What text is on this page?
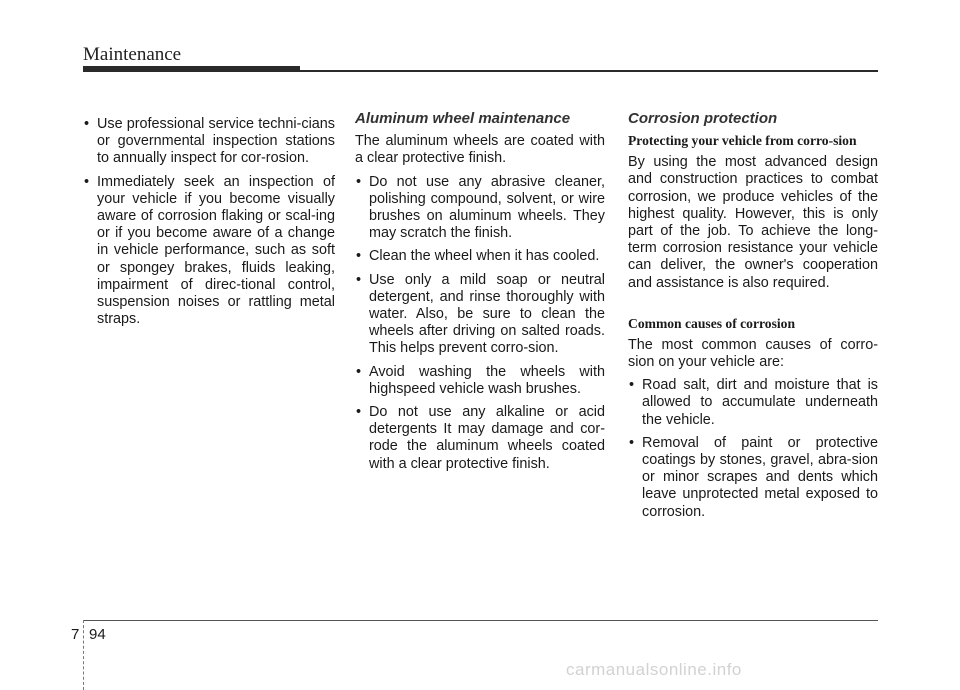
Maintenance
• Use professional service techni-cians or governmental inspection stations to annually inspect for cor-rosion.
• Immediately seek an inspection of your vehicle if you become visually aware of corrosion flaking or scal-ing or if you become aware of a change in vehicle performance, such as soft or spongey brakes, fluids leaking, impairment of direc-tional control, suspension noises or rattling metal straps.
Aluminum wheel maintenance

The aluminum wheels are coated with a clear protective finish.

• Do not use any abrasive cleaner, polishing compound, solvent, or wire brushes on aluminum wheels. They may scratch the finish.
• Clean the wheel when it has cooled.
• Use only a mild soap or neutral detergent, and rinse thoroughly with water. Also, be sure to clean the wheels after driving on salted roads. This helps prevent corro-sion.
• Avoid washing the wheels with highspeed vehicle wash brushes.
• Do not use any alkaline or acid detergents It may damage and cor-rode the aluminum wheels coated with a clear protective finish.
Corrosion protection
Protecting your vehicle from corro-sion

By using the most advanced design and construction practices to combat corrosion, we produce vehicles of the highest quality. However, this is only part of the job. To achieve the long-term corrosion resistance your vehicle can deliver, the owner's cooperation and assistance is also required.

Common causes of corrosion

The most common causes of corro-sion on your vehicle are:

• Road salt, dirt and moisture that is allowed to accumulate underneath the vehicle.
• Removal of paint or protective coatings by stones, gravel, abra-sion or minor scrapes and dents which leave unprotected metal exposed to corrosion.
7 94
carmanualsonline.info
